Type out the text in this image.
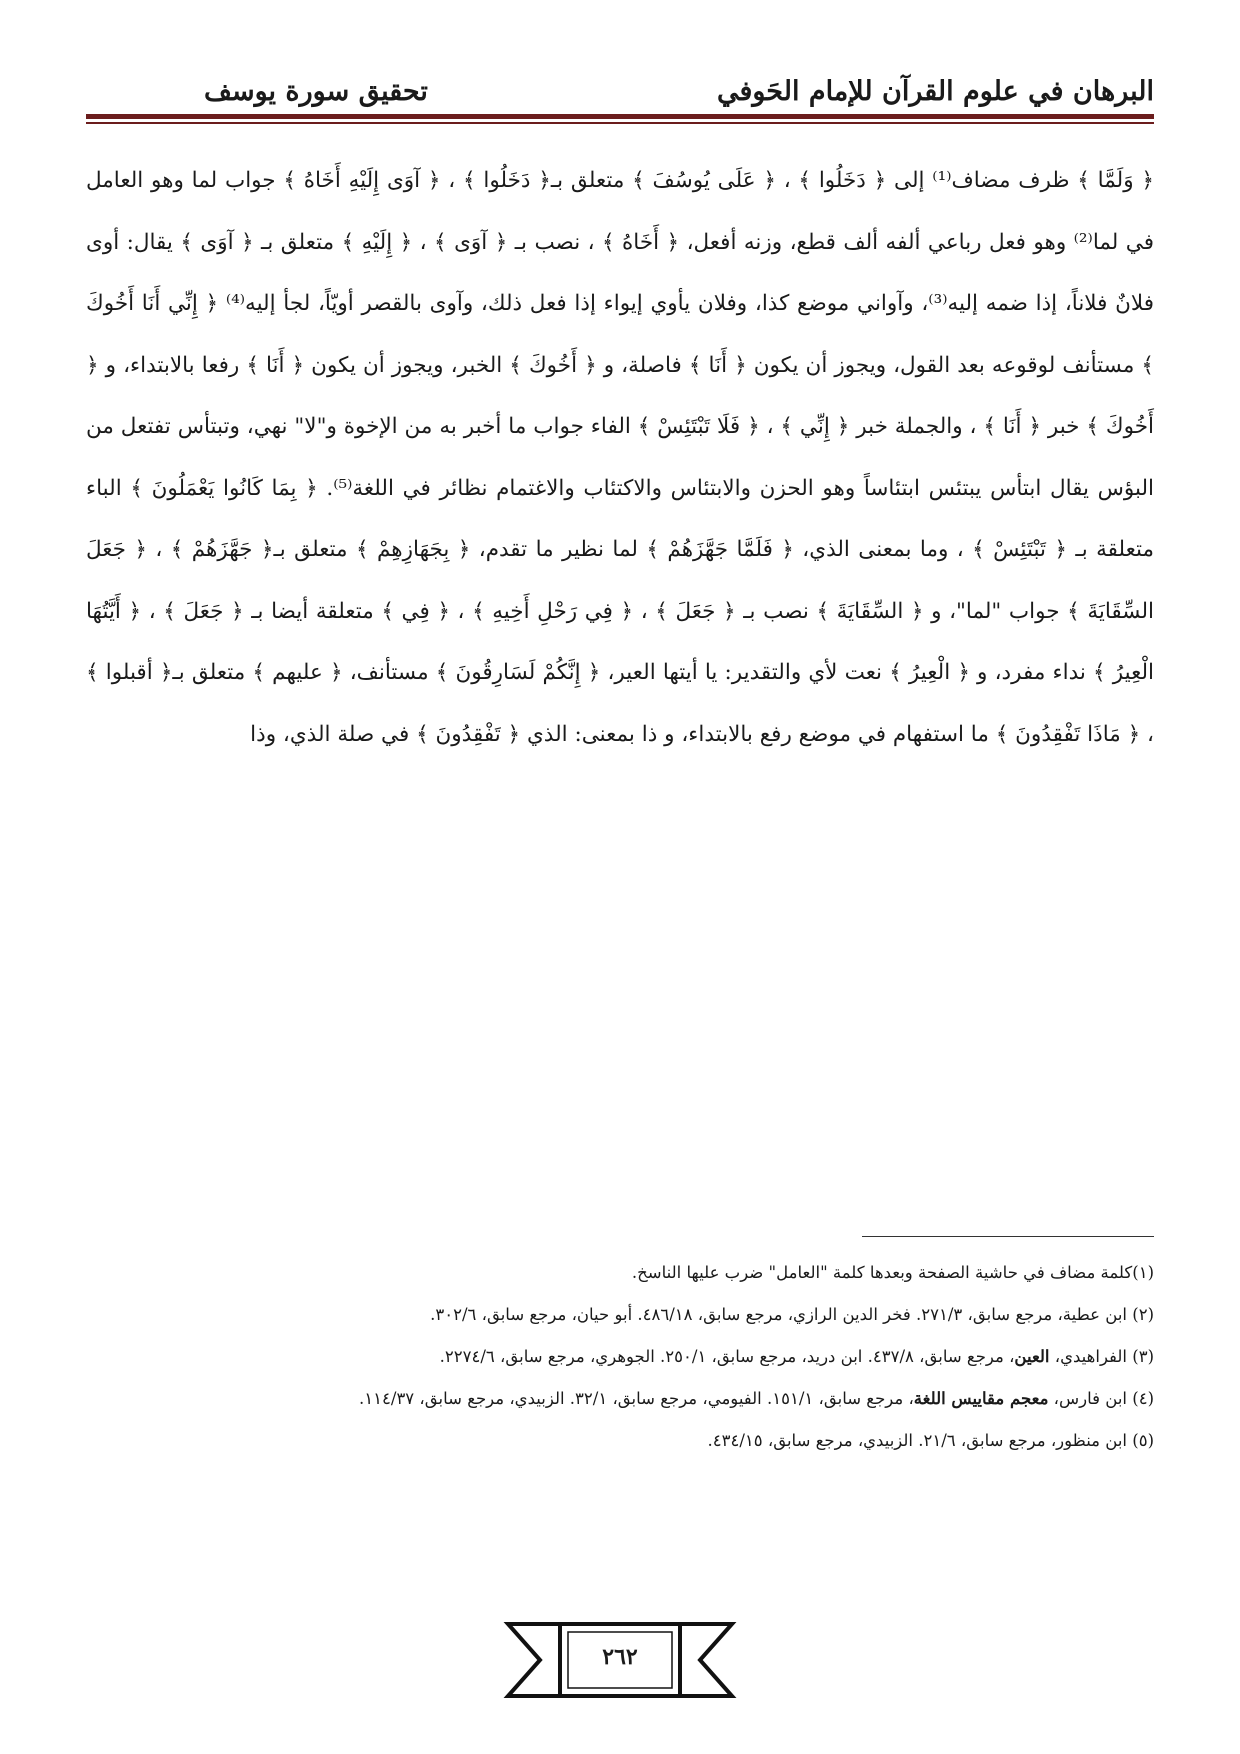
البرهان في علوم القرآن للإمام الحَوفي
تحقيق سورة يوسف

﴿ وَلَمَّا ﴾ ظرف مضاف⁽¹⁾ إلى ﴿ دَخَلُوا ﴾ ، ﴿ عَلَى يُوسُفَ ﴾ متعلق بـ﴿ دَخَلُوا ﴾ ، ﴿ آوَى إِلَيْهِ أَخَاهُ ﴾ جواب لما وهو العامل في لما⁽²⁾ وهو فعل رباعي ألفه ألف قطع، وزنه أفعل، ﴿ أَخَاهُ ﴾ ، نصب بـ ﴿ آوَى ﴾ ، ﴿ إِلَيْهِ ﴾ متعلق بـ ﴿ آوَى ﴾ يقال: أوى فلانٌ فلاناً، إذا ضمه إليه⁽³⁾، وآواني موضع كذا، وفلان يأوي إيواء إذا فعل ذلك، وآوى بالقصر أويّاً، لجأ إليه⁽⁴⁾ ﴿ إِنِّي أَنَا أَخُوكَ ﴾ مستأنف لوقوعه بعد القول، ويجوز أن يكون ﴿ أَنَا ﴾ فاصلة، و ﴿ أَخُوكَ ﴾ الخبر، ويجوز أن يكون ﴿ أَنَا ﴾ رفعا بالابتداء، و ﴿ أَخُوكَ ﴾ خبر ﴿ أَنَا ﴾ ، والجملة خبر ﴿ إِنِّي ﴾ ، ﴿ فَلَا تَبْتَئِسْ ﴾ الفاء جواب ما أخبر به من الإخوة و"لا" نهي، وتبتأس تفتعل من البؤس يقال ابتأس يبتئس ابتئاساً وهو الحزن والابتئاس والاكتئاب والاغتمام نظائر في اللغة⁽⁵⁾. ﴿ بِمَا كَانُوا يَعْمَلُونَ ﴾ الباء متعلقة بـ ﴿ تَبْتَئِسْ ﴾ ، وما بمعنى الذي، ﴿ فَلَمَّا جَهَّزَهُمْ ﴾ لما نظير ما تقدم، ﴿ بِجَهَازِهِمْ ﴾ متعلق بـ﴿ جَهَّزَهُمْ ﴾ ، ﴿ جَعَلَ السِّقَايَةَ ﴾ جواب "لما"، و ﴿ السِّقَايَةَ ﴾ نصب بـ ﴿ جَعَلَ ﴾ ، ﴿ فِي رَحْلِ أَخِيهِ ﴾ ، ﴿ فِي ﴾ متعلقة أيضا بـ ﴿ جَعَلَ ﴾ ، ﴿ أَيَّتُهَا الْعِيرُ ﴾ نداء مفرد، و ﴿ الْعِيرُ ﴾ نعت لأي والتقدير: يا أيتها العير، ﴿ إِنَّكُمْ لَسَارِقُونَ ﴾ مستأنف، ﴿ عليهم ﴾ متعلق بـ﴿ أقبلوا ﴾ ، ﴿ مَاذَا تَفْقِدُونَ ﴾ ما استفهام في موضع رفع بالابتداء، و ذا بمعنى: الذي ﴿ تَفْقِدُونَ ﴾ في صلة الذي، وذا

(١)كلمة مضاف في حاشية الصفحة وبعدها كلمة "العامل" ضرب عليها الناسخ.

(٢) ابن عطية، مرجع سابق، ٢٧١/٣. فخر الدين الرازي، مرجع سابق، ٤٨٦/١٨. أبو حيان، مرجع سابق، ٣٠٢/٦.

(٣) الفراهيدي، العين، مرجع سابق، ٤٣٧/٨. ابن دريد، مرجع سابق، ٢٥٠/١. الجوهري، مرجع سابق، ٢٢٧٤/٦.

(٤) ابن فارس، معجم مقاييس اللغة، مرجع سابق، ١٥١/١. الفيومي، مرجع سابق، ٣٢/١. الزبيدي، مرجع سابق، ١١٤/٣٧.

(٥) ابن منظور، مرجع سابق، ٢١/٦. الزبيدي، مرجع سابق، ٤٣٤/١٥.

٢٦٢
